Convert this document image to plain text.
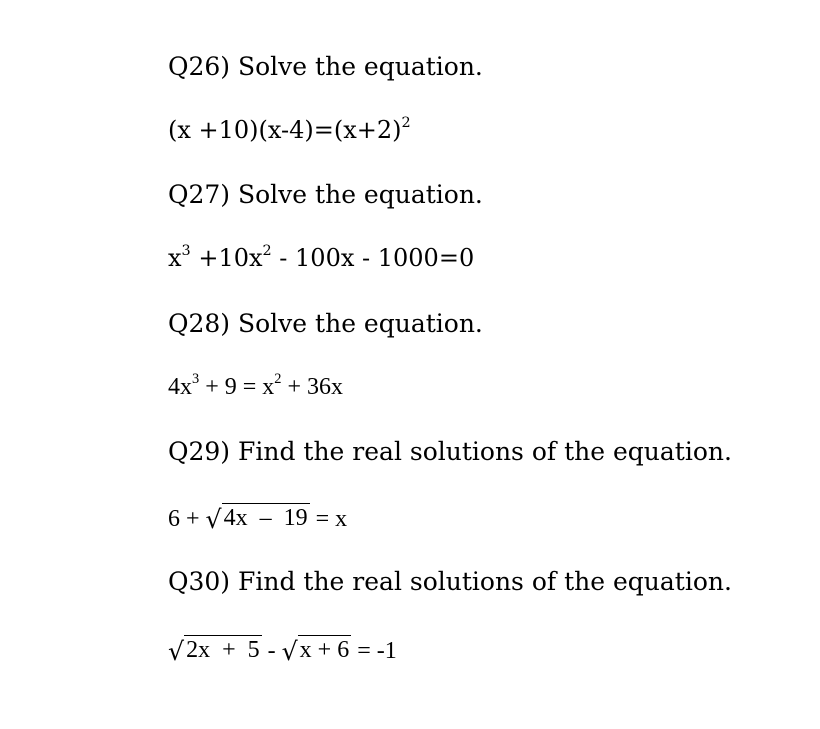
Q26) Solve the equation.
$(x +10)(x-4)=(x+2)^2$
Q27) Solve the equation.
$x^3 +10x^2 - 100x - 1000=0$
Q28) Solve the equation.
$4x^3 + 9 = x^2 + 36x$
Q29) Find the real solutions of the equation.
6 + √ 4x  –  19 = x
Q30) Find the real solutions of the equation.
√ 2x  +  5 - √ x + 6 = -1
